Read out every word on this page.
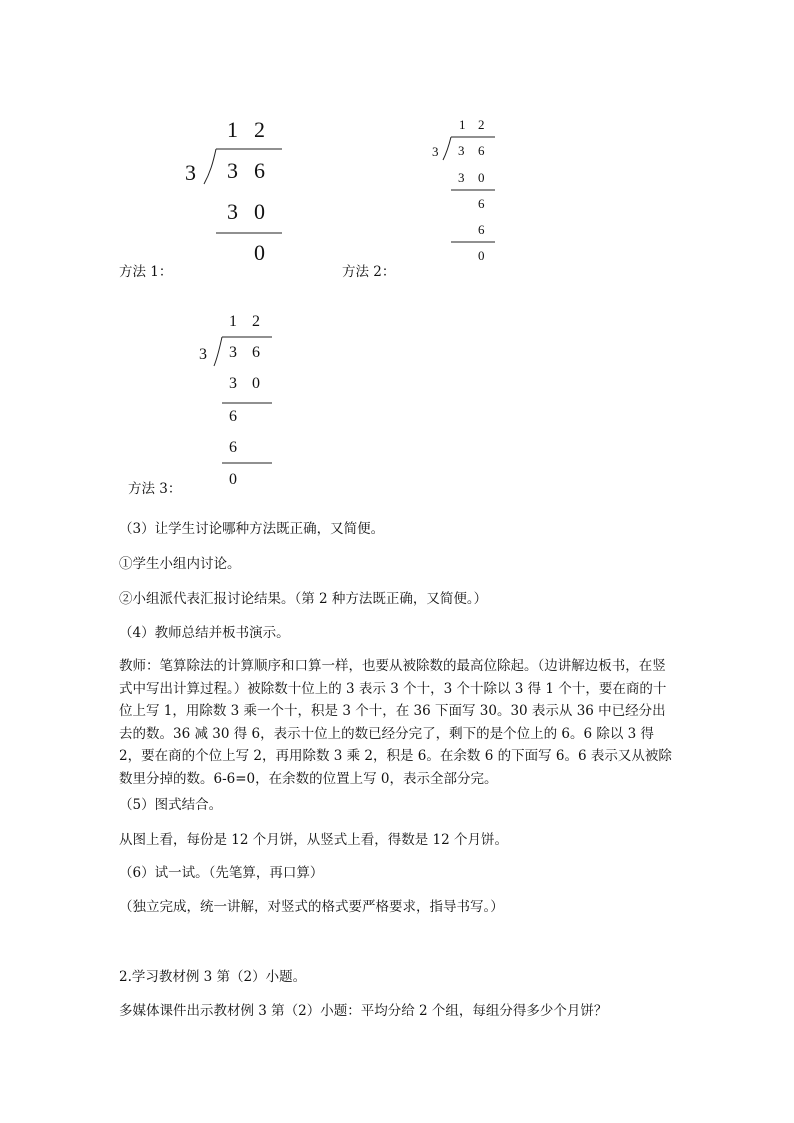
1 2
3 3 6
3 0
0
方法 1：
1 2
3 3 6
3 0
6
6
0
方法 2：
1 2
3 3 6
3 0
6
6
0
方法 3：
（3）让学生讨论哪种方法既正确，又简便。
①学生小组内讨论。
②小组派代表汇报讨论结果。（第 2 种方法既正确，又简便。）
（4）教师总结并板书演示。
教师：笔算除法的计算顺序和口算一样，也要从被除数的最高位除起。（边讲解边板书，在竖式中写出计算过程。）被除数十位上的 3 表示 3 个十，3 个十除以 3 得 1 个十，要在商的十位上写 1，用除数 3 乘一个十，积是 3 个十，在 36 下面写 30。30 表示从 36 中已经分出去的数。36 减 30 得 6，表示十位上的数已经分完了，剩下的是个位上的 6。6 除以 3 得 2，要在商的个位上写 2，再用除数 3 乘 2，积是 6。在余数 6 的下面写 6。6 表示又从被除数里分掉的数。6-6=0，在余数的位置上写 0，表示全部分完。
（5）图式结合。
从图上看，每份是 12 个月饼，从竖式上看，得数是 12 个月饼。
（6）试一试。（先笔算，再口算）
（独立完成，统一讲解，对竖式的格式要严格要求，指导书写。）
2.学习教材例 3 第（2）小题。
多媒体课件出示教材例 3 第（2）小题：平均分给 2 个组，每组分得多少个月饼？
